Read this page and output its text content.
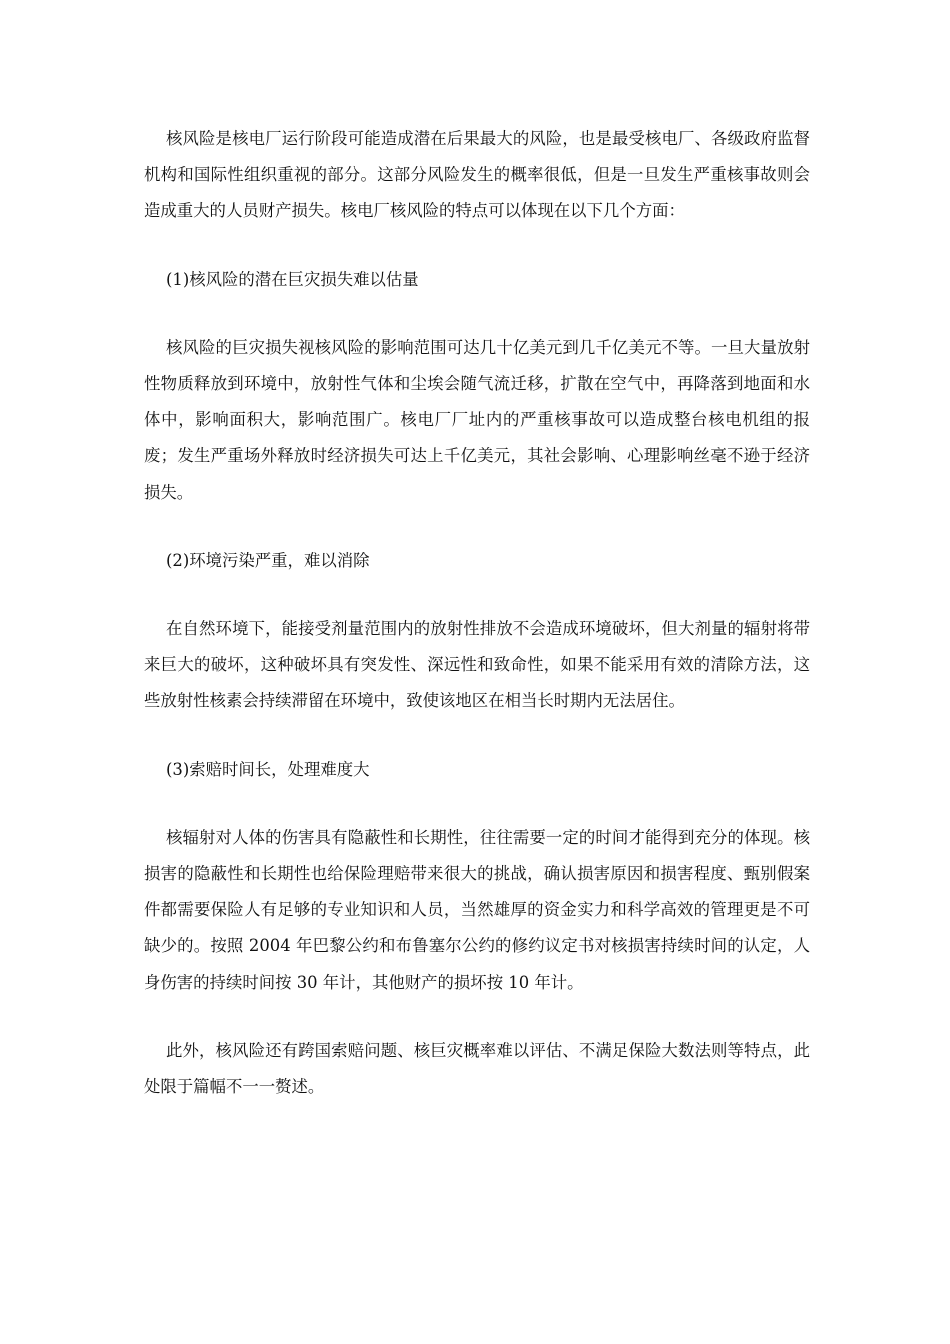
核风险是核电厂运行阶段可能造成潜在后果最大的风险，也是最受核电厂、各级政府监督机构和国际性组织重视的部分。这部分风险发生的概率很低，但是一旦发生严重核事故则会造成重大的人员财产损失。核电厂核风险的特点可以体现在以下几个方面：

(1)核风险的潜在巨灾损失难以估量

核风险的巨灾损失视核风险的影响范围可达几十亿美元到几千亿美元不等。一旦大量放射性物质释放到环境中，放射性气体和尘埃会随气流迁移，扩散在空气中，再降落到地面和水体中，影响面积大，影响范围广。核电厂厂址内的严重核事故可以造成整台核电机组的报废；发生严重场外释放时经济损失可达上千亿美元，其社会影响、心理影响丝毫不逊于经济损失。

(2)环境污染严重，难以消除

在自然环境下，能接受剂量范围内的放射性排放不会造成环境破坏，但大剂量的辐射将带来巨大的破坏，这种破坏具有突发性、深远性和致命性，如果不能采用有效的清除方法，这些放射性核素会持续滞留在环境中，致使该地区在相当长时期内无法居住。

(3)索赔时间长，处理难度大

核辐射对人体的伤害具有隐蔽性和长期性，往往需要一定的时间才能得到充分的体现。核损害的隐蔽性和长期性也给保险理赔带来很大的挑战，确认损害原因和损害程度、甄别假案件都需要保险人有足够的专业知识和人员，当然雄厚的资金实力和科学高效的管理更是不可缺少的。按照 2004 年巴黎公约和布鲁塞尔公约的修约议定书对核损害持续时间的认定，人身伤害的持续时间按 30 年计，其他财产的损坏按 10 年计。

此外，核风险还有跨国索赔问题、核巨灾概率难以评估、不满足保险大数法则等特点，此处限于篇幅不一一赘述。
